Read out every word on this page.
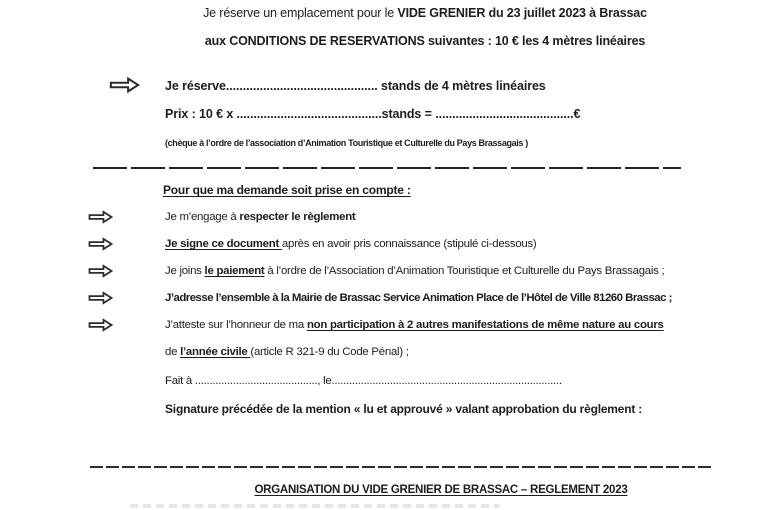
Je réserve un emplacement pour le VIDE GRENIER du 23 juillet 2023 à Brassac
aux CONDITIONS DE RESERVATIONS suivantes : 10 € les 4 mètres linéaires
Je réserve............................................. stands de 4 mètres linéaires
Prix : 10 € x ...........................................stands = .........................................€
(chèque à l’ordre de l’association d’Animation Touristique et Culturelle du Pays Brassagais )
Pour que ma demande soit prise en compte :
Je m’engage à respecter le règlement
Je signe ce document après en avoir pris connaissance (stipulé ci-dessous)
Je joins le paiement à l’ordre de l’Association d’Animation Touristique et Culturelle du Pays Brassagais ;
J’adresse l’ensemble à la Mairie de Brassac Service Animation Place de l’Hôtel de Ville 81260 Brassac ;
J’atteste sur l’honneur de ma non participation à 2 autres manifestations de même nature au cours
de l’année civile (article R 321-9 du Code Pénal) ;
Fait à .........................................., le...............................................................................
Signature précédée de la mention « lu et approuvé » valant approbation du règlement :
ORGANISATION DU VIDE GRENIER DE BRASSAC – REGLEMENT 2023
